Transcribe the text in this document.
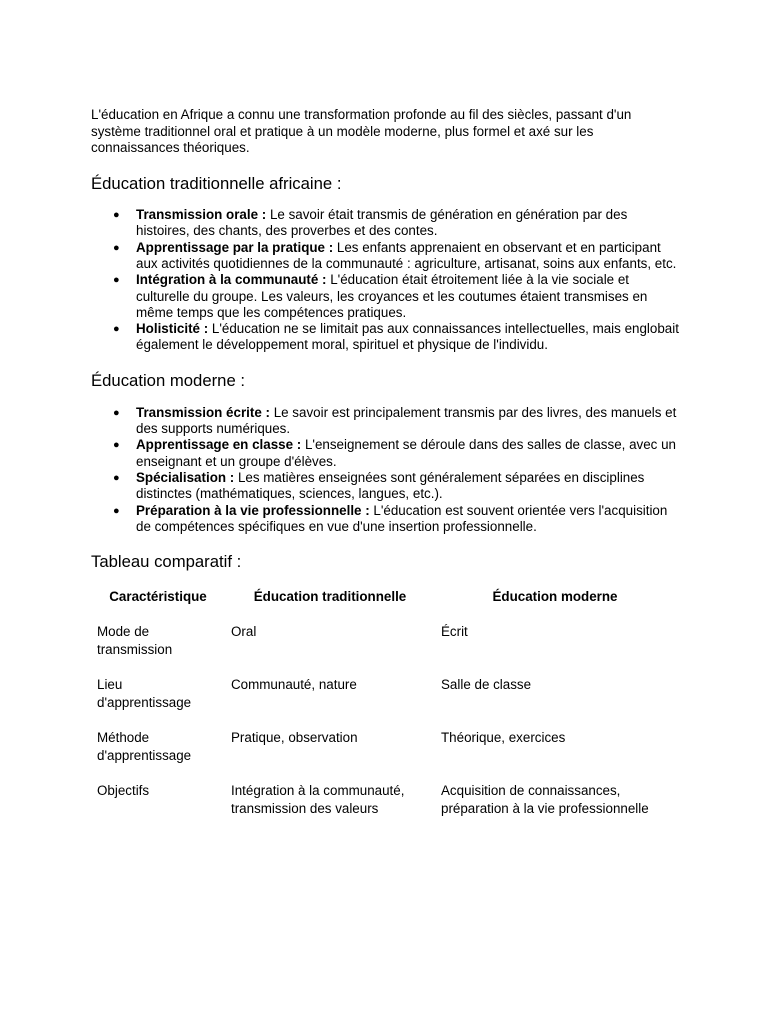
L'éducation en Afrique a connu une transformation profonde au fil des siècles, passant d'un système traditionnel oral et pratique à un modèle moderne, plus formel et axé sur les connaissances théoriques.

Éducation traditionnelle africaine :
● Transmission orale : Le savoir était transmis de génération en génération par des histoires, des chants, des proverbes et des contes.
● Apprentissage par la pratique : Les enfants apprenaient en observant et en participant aux activités quotidiennes de la communauté : agriculture, artisanat, soins aux enfants, etc.
● Intégration à la communauté : L'éducation était étroitement liée à la vie sociale et culturelle du groupe. Les valeurs, les croyances et les coutumes étaient transmises en même temps que les compétences pratiques.
● Holisticité : L'éducation ne se limitait pas aux connaissances intellectuelles, mais englobait également le développement moral, spirituel et physique de l'individu.
Éducation moderne :
● Transmission écrite : Le savoir est principalement transmis par des livres, des manuels et des supports numériques.
● Apprentissage en classe : L'enseignement se déroule dans des salles de classe, avec un enseignant et un groupe d'élèves.
● Spécialisation : Les matières enseignées sont généralement séparées en disciplines distinctes (mathématiques, sciences, langues, etc.).
● Préparation à la vie professionnelle : L'éducation est souvent orientée vers l'acquisition de compétences spécifiques en vue d'une insertion professionnelle.
Tableau comparatif :
Caractéristique	Éducation traditionnelle	Éducation moderne
Mode de transmission	Oral	Écrit
Lieu d'apprentissage	Communauté, nature	Salle de classe
Méthode d'apprentissage	Pratique, observation	Théorique, exercices
Objectifs	Intégration à la communauté, transmission des valeurs	Acquisition de connaissances, préparation à la vie professionnelle
